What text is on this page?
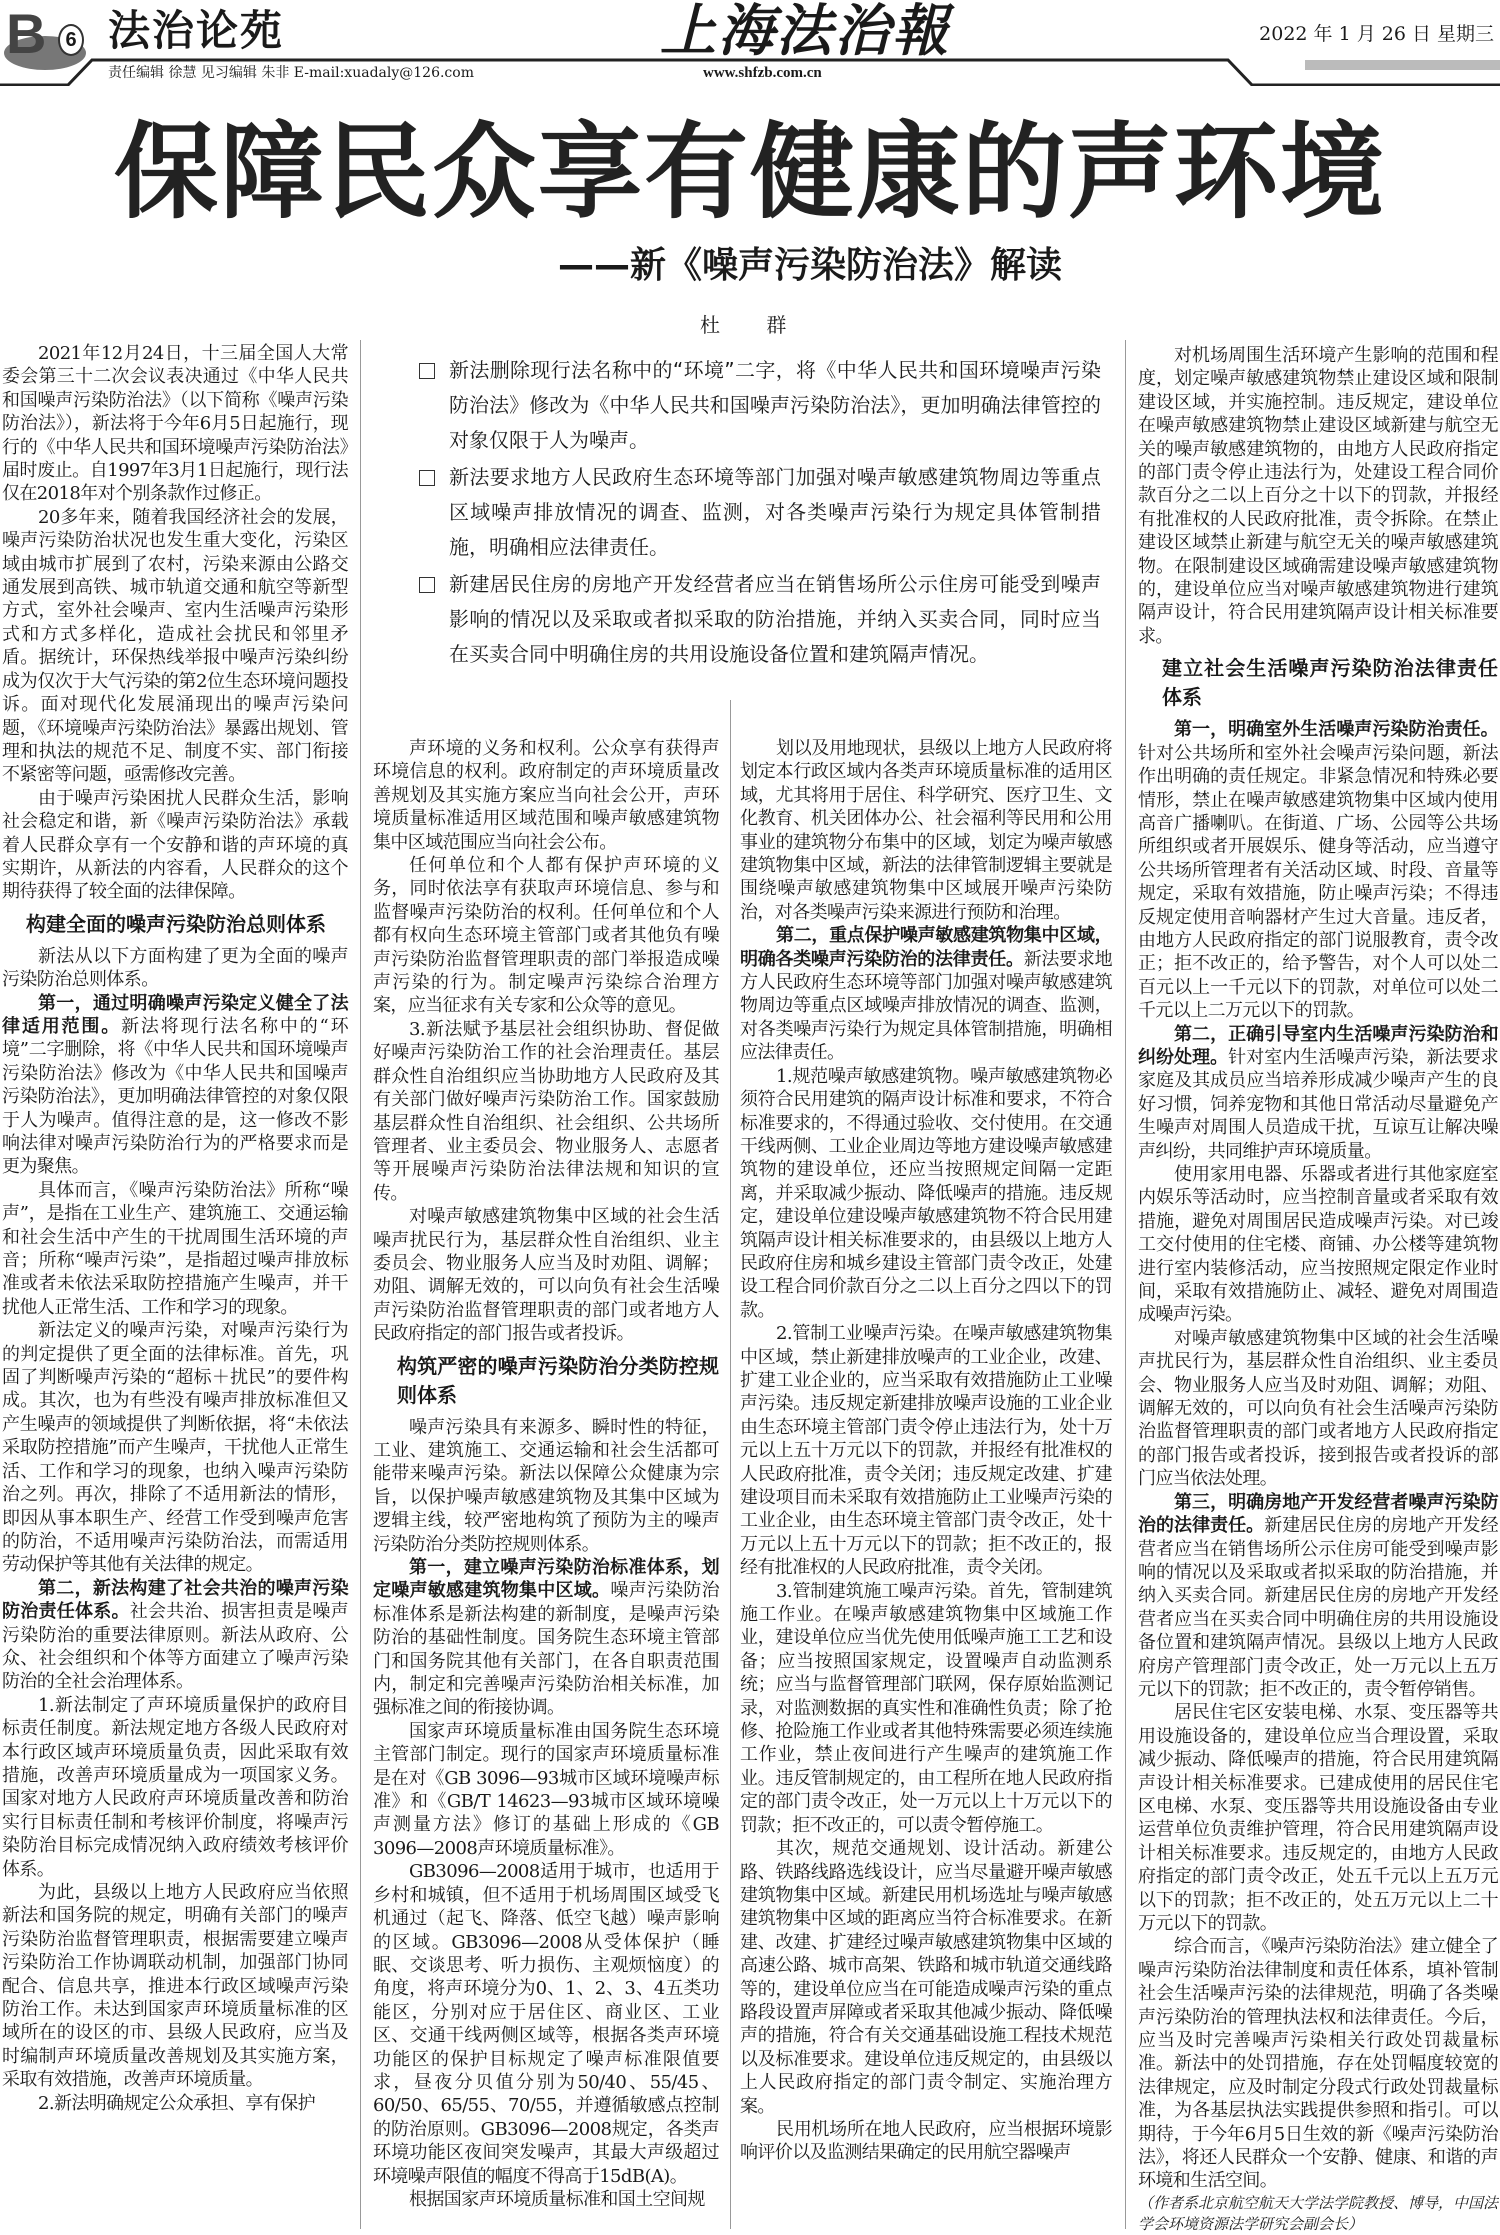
B 6 法治论苑	上海法治報	2022 年 1 月 26 日 星期三
责任编辑 徐慧 见习编辑 朱非 E-mail:xuadaly@126.com	www.shfzb.com.cn
保障民众享有健康的声环境
——新《噪声污染防治法》解读
杜 群
新法删除现行法名称中的“环境”二字，将《中华人民共和国环境噪声污染防治法》修改为《中华人民共和国噪声污染防治法》，更加明确法律管控的对象仅限于人为噪声。
新法要求地方人民政府生态环境等部门加强对噪声敏感建筑物周边等重点区域噪声排放情况的调查、监测，对各类噪声污染行为规定具体管制措施，明确相应法律责任。
新建居民住房的房地产开发经营者应当在销售场所公示住房可能受到噪声影响的情况以及采取或者拟采取的防治措施，并纳入买卖合同，同时应当在买卖合同中明确住房的共用设施设备位置和建筑隔声情况。

2021年12月24日，十三届全国人大常委会第三十二次会议表决通过《中华人民共和国噪声污染防治法》（以下简称《噪声污染防治法》），新法将于今年6月5日起施行，现行的《中华人民共和国环境噪声污染防治法》届时废止。自1997年3月1日起施行，现行法仅在2018年对个别条款作过修正。

20多年来，随着我国经济社会的发展，噪声污染防治状况也发生重大变化，污染区域由城市扩展到了农村，污染来源由公路交通发展到高铁、城市轨道交通和航空等新型方式，室外社会噪声、室内生活噪声污染形式和方式多样化，造成社会扰民和邻里矛盾。据统计，环保热线举报中噪声污染纠纷成为仅次于大气污染的第2位生态环境问题投诉。面对现代化发展涌现出的噪声污染问题，《环境噪声污染防治法》暴露出规划、管理和执法的规范不足、制度不实、部门衔接不紧密等问题，亟需修改完善。

由于噪声污染困扰人民群众生活，影响社会稳定和谐，新《噪声污染防治法》承载着人民群众享有一个安静和谐的声环境的真实期许，从新法的内容看，人民群众的这个期待获得了较全面的法律保障。

构建全面的噪声污染防治总则体系

新法从以下方面构建了更为全面的噪声污染防治总则体系。

第一，通过明确噪声污染定义健全了法律适用范围。新法将现行法名称中的“环境”二字删除，将《中华人民共和国环境噪声污染防治法》修改为《中华人民共和国噪声污染防治法》，更加明确法律管控的对象仅限于人为噪声。值得注意的是，这一修改不影响法律对噪声污染防治行为的严格要求而是更为聚焦。

具体而言，《噪声污染防治法》所称“噪声”，是指在工业生产、建筑施工、交通运输和社会生活中产生的干扰周围生活环境的声音；所称“噪声污染”，是指超过噪声排放标准或者未依法采取防控措施产生噪声，并干扰他人正常生活、工作和学习的现象。

新法定义的噪声污染，对噪声污染行为的判定提供了更全面的法律标准。首先，巩固了判断噪声污染的“超标＋扰民”的要件构成。其次，也为有些没有噪声排放标准但又产生噪声的领域提供了判断依据，将“未依法采取防控措施”而产生噪声，干扰他人正常生活、工作和学习的现象，也纳入噪声污染防治之列。再次，排除了不适用新法的情形，即因从事本职生产、经营工作受到噪声危害的防治，不适用噪声污染防治法，而需适用劳动保护等其他有关法律的规定。

第二，新法构建了社会共治的噪声污染防治责任体系。社会共治、损害担责是噪声污染防治的重要法律原则。新法从政府、公众、社会组织和个体等方面建立了噪声污染防治的全社会治理体系。

1.新法制定了声环境质量保护的政府目标责任制度。新法规定地方各级人民政府对本行政区域声环境质量负责，因此采取有效措施，改善声环境质量成为一项国家义务。国家对地方人民政府声环境质量改善和防治实行目标责任制和考核评价制度，将噪声污染防治目标完成情况纳入政府绩效考核评价体系。

为此，县级以上地方人民政府应当依照新法和国务院的规定，明确有关部门的噪声污染防治监督管理职责，根据需要建立噪声污染防治工作协调联动机制，加强部门协同配合、信息共享，推进本行政区域噪声污染防治工作。未达到国家声环境质量标准的区域所在的设区的市、县级人民政府，应当及时编制声环境质量改善规划及其实施方案，采取有效措施，改善声环境质量。

2.新法明确规定公众承担、享有保护

声环境的义务和权利。公众享有获得声环境信息的权利。政府制定的声环境质量改善规划及其实施方案应当向社会公开，声环境质量标准适用区域范围和噪声敏感建筑物集中区域范围应当向社会公布。

任何单位和个人都有保护声环境的义务，同时依法享有获取声环境信息、参与和监督噪声污染防治的权利。任何单位和个人都有权向生态环境主管部门或者其他负有噪声污染防治监督管理职责的部门举报造成噪声污染的行为。制定噪声污染综合治理方案，应当征求有关专家和公众等的意见。

3.新法赋予基层社会组织协助、督促做好噪声污染防治工作的社会治理责任。基层群众性自治组织应当协助地方人民政府及其有关部门做好噪声污染防治工作。国家鼓励基层群众性自治组织、社会组织、公共场所管理者、业主委员会、物业服务人、志愿者等开展噪声污染防治法律法规和知识的宣传。

对噪声敏感建筑物集中区域的社会生活噪声扰民行为，基层群众性自治组织、业主委员会、物业服务人应当及时劝阻、调解；劝阻、调解无效的，可以向负有社会生活噪声污染防治监督管理职责的部门或者地方人民政府指定的部门报告或者投诉。

构筑严密的噪声污染防治分类防控规则体系

噪声污染具有来源多、瞬时性的特征，工业、建筑施工、交通运输和社会生活都可能带来噪声污染。新法以保障公众健康为宗旨，以保护噪声敏感建筑物及其集中区域为逻辑主线，较严密地构筑了预防为主的噪声污染防治分类防控规则体系。

第一，建立噪声污染防治标准体系，划定噪声敏感建筑物集中区域。噪声污染防治标准体系是新法构建的新制度，是噪声污染防治的基础性制度。国务院生态环境主管部门和国务院其他有关部门，在各自职责范围内，制定和完善噪声污染防治相关标准，加强标准之间的衔接协调。

国家声环境质量标准由国务院生态环境主管部门制定。现行的国家声环境质量标准是在对《GB 3096—93城市区域环境噪声标准》和《GB/T 14623—93城市区域环境噪声测量方法》修订的基础上形成的《GB 3096—2008声环境质量标准》。

GB3096—2008适用于城市，也适用于乡村和城镇，但不适用于机场周围区域受飞机通过（起飞、降落、低空飞越）噪声影响的区域。GB3096—2008从受体保护（睡眠、交谈思考、听力损伤、主观烦恼度）的角度，将声环境分为0、1、2、3、4五类功能区，分别对应于居住区、商业区、工业区、交通干线两侧区域等，根据各类声环境功能区的保护目标规定了噪声标准限值要求，昼夜分贝值分别为50/40、55/45、60/50、65/55、70/55，并遵循敏感点控制的防治原则。GB3096—2008规定，各类声环境功能区夜间突发噪声，其最大声级超过环境噪声限值的幅度不得高于15dB(A)。

根据国家声环境质量标准和国土空间规

划以及用地现状，县级以上地方人民政府将划定本行政区域内各类声环境质量标准的适用区域，尤其将用于居住、科学研究、医疗卫生、文化教育、机关团体办公、社会福利等民用和公用事业的建筑物分布集中的区域，划定为噪声敏感建筑物集中区域，新法的法律管制逻辑主要就是围绕噪声敏感建筑物集中区域展开噪声污染防治，对各类噪声污染来源进行预防和治理。

第二，重点保护噪声敏感建筑物集中区域，明确各类噪声污染防治的法律责任。新法要求地方人民政府生态环境等部门加强对噪声敏感建筑物周边等重点区域噪声排放情况的调查、监测，对各类噪声污染行为规定具体管制措施，明确相应法律责任。

1.规范噪声敏感建筑物。噪声敏感建筑物必须符合民用建筑的隔声设计标准和要求，不符合标准要求的，不得通过验收、交付使用。在交通干线两侧、工业企业周边等地方建设噪声敏感建筑物的建设单位，还应当按照规定间隔一定距离，并采取减少振动、降低噪声的措施。违反规定，建设单位建设噪声敏感建筑物不符合民用建筑隔声设计相关标准要求的，由县级以上地方人民政府住房和城乡建设主管部门责令改正，处建设工程合同价款百分之二以上百分之四以下的罚款。

2.管制工业噪声污染。在噪声敏感建筑物集中区域，禁止新建排放噪声的工业企业，改建、扩建工业企业的，应当采取有效措施防止工业噪声污染。违反规定新建排放噪声设施的工业企业由生态环境主管部门责令停止违法行为，处十万元以上五十万元以下的罚款，并报经有批准权的人民政府批准，责令关闭；违反规定改建、扩建建设项目而未采取有效措施防止工业噪声污染的工业企业，由生态环境主管部门责令改正，处十万元以上五十万元以下的罚款；拒不改正的，报经有批准权的人民政府批准，责令关闭。

3.管制建筑施工噪声污染。首先，管制建筑施工作业。在噪声敏感建筑物集中区域施工作业，建设单位应当优先使用低噪声施工工艺和设备；应当按照国家规定，设置噪声自动监测系统；应当与监督管理部门联网，保存原始监测记录，对监测数据的真实性和准确性负责；除了抢修、抢险施工作业或者其他特殊需要必须连续施工作业，禁止夜间进行产生噪声的建筑施工作业。违反管制规定的，由工程所在地人民政府指定的部门责令改正，处一万元以上十万元以下的罚款；拒不改正的，可以责令暂停施工。

其次，规范交通规划、设计活动。新建公路、铁路线路选线设计，应当尽量避开噪声敏感建筑物集中区域。新建民用机场选址与噪声敏感建筑物集中区域的距离应当符合标准要求。在新建、改建、扩建经过噪声敏感建筑物集中区域的高速公路、城市高架、铁路和城市轨道交通线路等的，建设单位应当在可能造成噪声污染的重点路段设置声屏障或者采取其他减少振动、降低噪声的措施，符合有关交通基础设施工程技术规范以及标准要求。建设单位违反规定的，由县级以上人民政府指定的部门责令制定、实施治理方案。

民用机场所在地人民政府，应当根据环境影响评价以及监测结果确定的民用航空器噪声

对机场周围生活环境产生影响的范围和程度，划定噪声敏感建筑物禁止建设区域和限制建设区域，并实施控制。违反规定，建设单位在噪声敏感建筑物禁止建设区域新建与航空无关的噪声敏感建筑物的，由地方人民政府指定的部门责令停止违法行为，处建设工程合同价款百分之二以上百分之十以下的罚款，并报经有批准权的人民政府批准，责令拆除。在禁止建设区域禁止新建与航空无关的噪声敏感建筑物。在限制建设区域确需建设噪声敏感建筑物的，建设单位应当对噪声敏感建筑物进行建筑隔声设计，符合民用建筑隔声设计相关标准要求。

建立社会生活噪声污染防治法律责任体系

第一，明确室外生活噪声污染防治责任。针对公共场所和室外社会噪声污染问题，新法作出明确的责任规定。非紧急情况和特殊必要情形，禁止在噪声敏感建筑物集中区域内使用高音广播喇叭。在街道、广场、公园等公共场所组织或者开展娱乐、健身等活动，应当遵守公共场所管理者有关活动区域、时段、音量等规定，采取有效措施，防止噪声污染；不得违反规定使用音响器材产生过大音量。违反者，由地方人民政府指定的部门说服教育，责令改正；拒不改正的，给予警告，对个人可以处二百元以上一千元以下的罚款，对单位可以处二千元以上二万元以下的罚款。

第二，正确引导室内生活噪声污染防治和纠纷处理。针对室内生活噪声污染，新法要求家庭及其成员应当培养形成减少噪声产生的良好习惯，饲养宠物和其他日常活动尽量避免产生噪声对周围人员造成干扰，互谅互让解决噪声纠纷，共同维护声环境质量。

使用家用电器、乐器或者进行其他家庭室内娱乐等活动时，应当控制音量或者采取有效措施，避免对周围居民造成噪声污染。对已竣工交付使用的住宅楼、商铺、办公楼等建筑物进行室内装修活动，应当按照规定限定作业时间，采取有效措施防止、减轻、避免对周围造成噪声污染。

对噪声敏感建筑物集中区域的社会生活噪声扰民行为，基层群众性自治组织、业主委员会、物业服务人应当及时劝阻、调解；劝阻、调解无效的，可以向负有社会生活噪声污染防治监督管理职责的部门或者地方人民政府指定的部门报告或者投诉，接到报告或者投诉的部门应当依法处理。

第三，明确房地产开发经营者噪声污染防治的法律责任。新建居民住房的房地产开发经营者应当在销售场所公示住房可能受到噪声影响的情况以及采取或者拟采取的防治措施，并纳入买卖合同。新建居民住房的房地产开发经营者应当在买卖合同中明确住房的共用设施设备位置和建筑隔声情况。县级以上地方人民政府房产管理部门责令改正，处一万元以上五万元以下的罚款；拒不改正的，责令暂停销售。

居民住宅区安装电梯、水泵、变压器等共用设施设备的，建设单位应当合理设置，采取减少振动、降低噪声的措施，符合民用建筑隔声设计相关标准要求。已建成使用的居民住宅区电梯、水泵、变压器等共用设施设备由专业运营单位负责维护管理，符合民用建筑隔声设计相关标准要求。违反规定的，由地方人民政府指定的部门责令改正，处五千元以上五万元以下的罚款；拒不改正的，处五万元以上二十万元以下的罚款。

综合而言，《噪声污染防治法》建立健全了噪声污染防治法律制度和责任体系，填补管制社会生活噪声污染的法律规范，明确了各类噪声污染防治的管理执法权和法律责任。今后，应当及时完善噪声污染相关行政处罚裁量标准。新法中的处罚措施，存在处罚幅度较宽的法律规定，应及时制定分段式行政处罚裁量标准，为各基层执法实践提供参照和指引。可以期待，于今年6月5日生效的新《噪声污染防治法》，将还人民群众一个安静、健康、和谐的声环境和生活空间。

（作者系北京航空航天大学法学院教授、博导，中国法学会环境资源法学研究会副会长）
